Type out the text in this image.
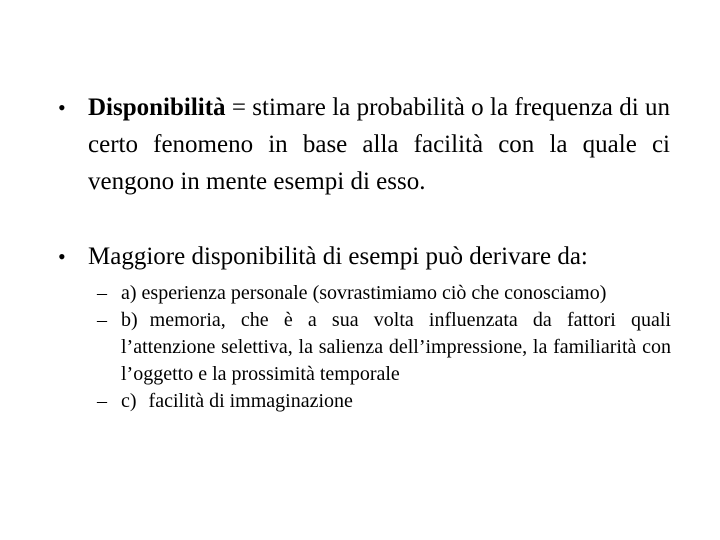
• Disponibilità = stimare la probabilità o la frequenza di un certo fenomeno in base alla facilità con la quale ci vengono in mente esempi di esso.
• Maggiore disponibilità di esempi può derivare da:
– a) esperienza personale (sovrastimiamo ciò che conosciamo)
– b) memoria, che è a sua volta influenzata da fattori quali l’attenzione selettiva, la salienza dell’impressione, la familiarità con l’oggetto e la prossimità temporale
– c) facilità di immaginazione
